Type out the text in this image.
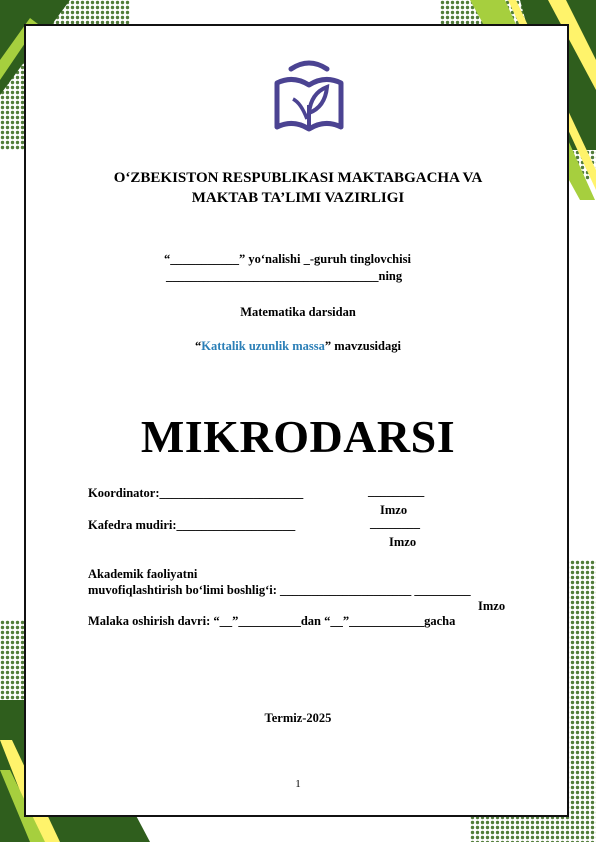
O‘ZBEKISTON RESPUBLIKASI MAKTABGACHA VA
MAKTAB TA’LIMI VAZIRLIGI
“___________” yo‘nalishi _-guruh tinglovchisi
__________________________________ning
Matematika darsidan
“Kattalik uzunlik massa” mavzusidagi
MIKRODARSI
Koordinator:_______________________	_________
Imzo
Kafedra mudiri:___________________	________
Imzo
Akademik faoliyatni
muvofiqlashtirish bo‘limi boshlig‘i: _____________________ _________
Imzo
Malaka oshirish davri: “__”__________dan “__”____________gacha
Termiz-2025
1
